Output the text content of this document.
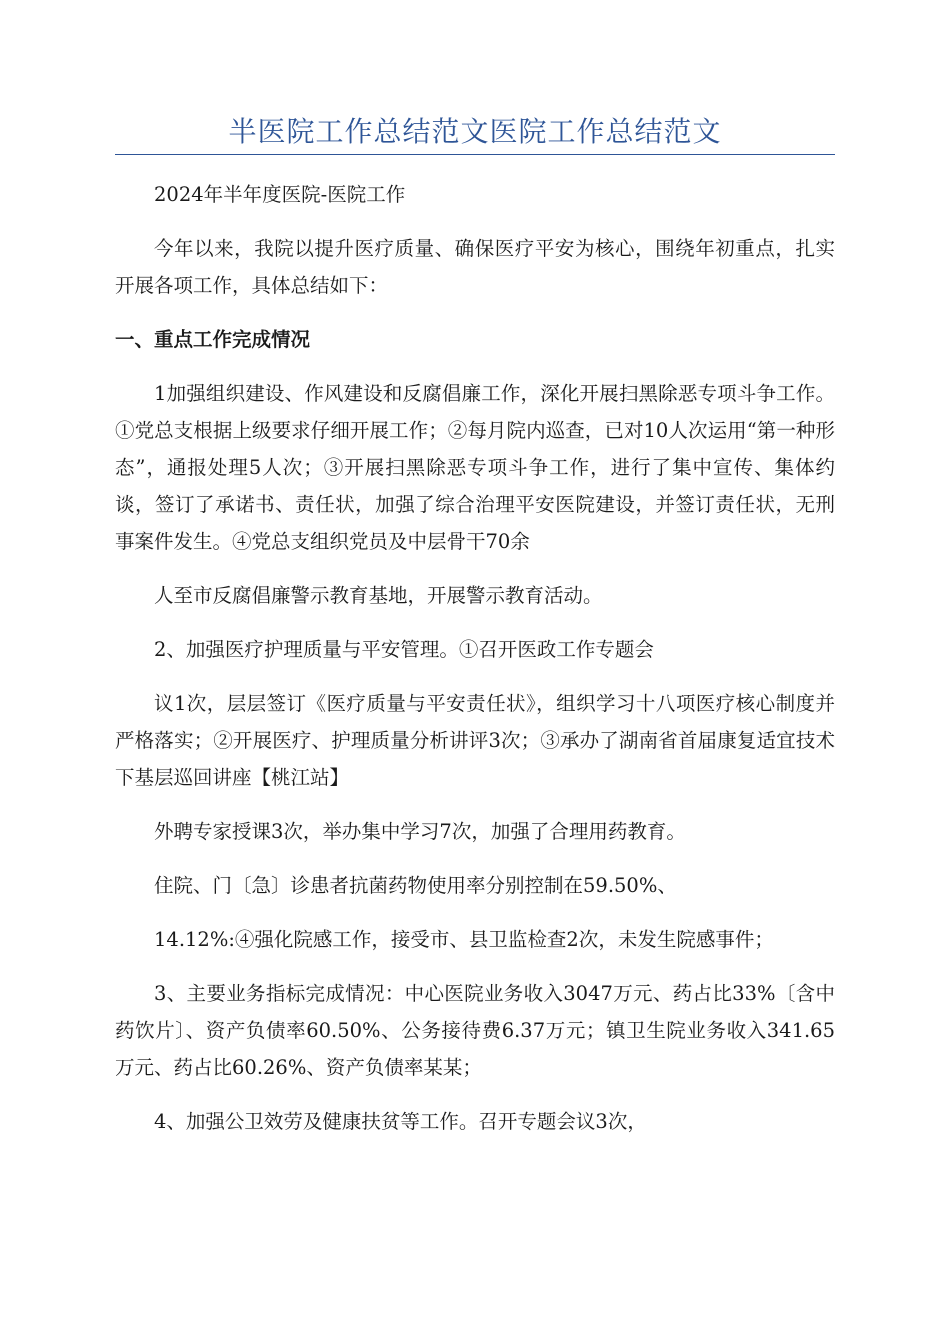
半医院工作总结范文医院工作总结范文

2024年半年度医院-医院工作

今年以来，我院以提升医疗质量、确保医疗平安为核心，围绕年初重点，扎实开展各项工作，具体总结如下：

一、重点工作完成情况

1加强组织建设、作风建设和反腐倡廉工作，深化开展扫黑除恶专项斗争工作。①党总支根据上级要求仔细开展工作；②每月院内巡查，已对10人次运用“第一种形态”，通报处理5人次；③开展扫黑除恶专项斗争工作，进行了集中宣传、集体约谈，签订了承诺书、责任状，加强了综合治理平安医院建设，并签订责任状，无刑事案件发生。④党总支组织党员及中层骨干70余

人至市反腐倡廉警示教育基地，开展警示教育活动。

2、加强医疗护理质量与平安管理。①召开医政工作专题会

议1次，层层签订《医疗质量与平安责任状》，组织学习十八项医疗核心制度并严格落实；②开展医疗、护理质量分析讲评3次；③承办了湖南省首届康复适宜技术下基层巡回讲座【桃江站】

外聘专家授课3次，举办集中学习7次，加强了合理用药教育。

住院、门〔急〕诊患者抗菌药物使用率分别控制在59.50%、

14.12%:④强化院感工作，接受市、县卫监检查2次，未发生院感事件；

3、主要业务指标完成情况：中心医院业务收入3047万元、药占比33%〔含中药饮片〕、资产负债率60.50%、公务接待费6.37万元；镇卫生院业务收入341.65万元、药占比60.26%、资产负债率某某；

4、加强公卫效劳及健康扶贫等工作。召开专题会议3次，
